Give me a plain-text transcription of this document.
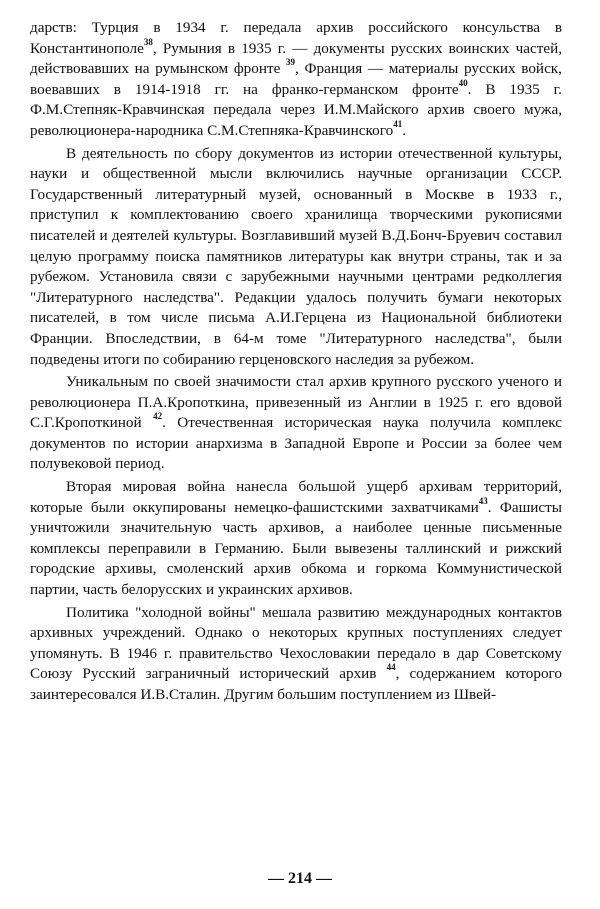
дарств: Турция в 1934 г. передала архив российского консульства в Константинополе$^{38}$, Румыния в 1935 г. — документы русских воинских частей, действовавших на румынском фронте $^{39}$, Франция — материалы русских войск, воевавших в 1914-1918 гг. на франко-германском фронте$^{40}$. В 1935 г. Ф.М.Степняк-Кравчинская передала через И.М.Майского архив своего мужа, революционера-народника С.М.Степняка-Кравчинского$^{41}$.

В деятельность по сбору документов из истории отечественной культуры, науки и общественной мысли включились научные организации СССР. Государственный литературный музей, основанный в Москве в 1933 г., приступил к комплектованию своего хранилища творческими рукописями писателей и деятелей культуры. Возглавивший музей В.Д.Бонч-Бруевич составил целую программу поиска памятников литературы как внутри страны, так и за рубежом. Установила связи с зарубежными научными центрами редколлегия "Литературного наследства". Редакции удалось получить бумаги некоторых писателей, в том числе письма А.И.Герцена из Национальной библиотеки Франции. Впоследствии, в 64-м томе "Литературного наследства", были подведены итоги по собиранию герценовского наследия за рубежом.

Уникальным по своей значимости стал архив крупного русского ученого и революционера П.А.Кропоткина, привезенный из Англии в 1925 г. его вдовой С.Г.Кропоткиной $^{42}$. Отечественная историческая наука получила комплекс документов по истории анархизма в Западной Европе и России за более чем полувековой период.

Вторая мировая война нанесла большой ущерб архивам территорий, которые были оккупированы немецко-фашистскими захватчиками$^{43}$. Фашисты уничтожили значительную часть архивов, а наиболее ценные письменные комплексы переправили в Германию. Были вывезены таллинский и рижский городские архивы, смоленский архив обкома и горкома Коммунистической партии, часть белорусских и украинских архивов.

Политика "холодной войны" мешала развитию международных контактов архивных учреждений. Однако о некоторых крупных поступлениях следует упомянуть. В 1946 г. правительство Чехословакии передало в дар Советскому Союзу Русский заграничный исторический архив $^{44}$, содержанием которого заинтересовался И.В.Сталин. Другим большим поступлением из Швей-

— 214 —
